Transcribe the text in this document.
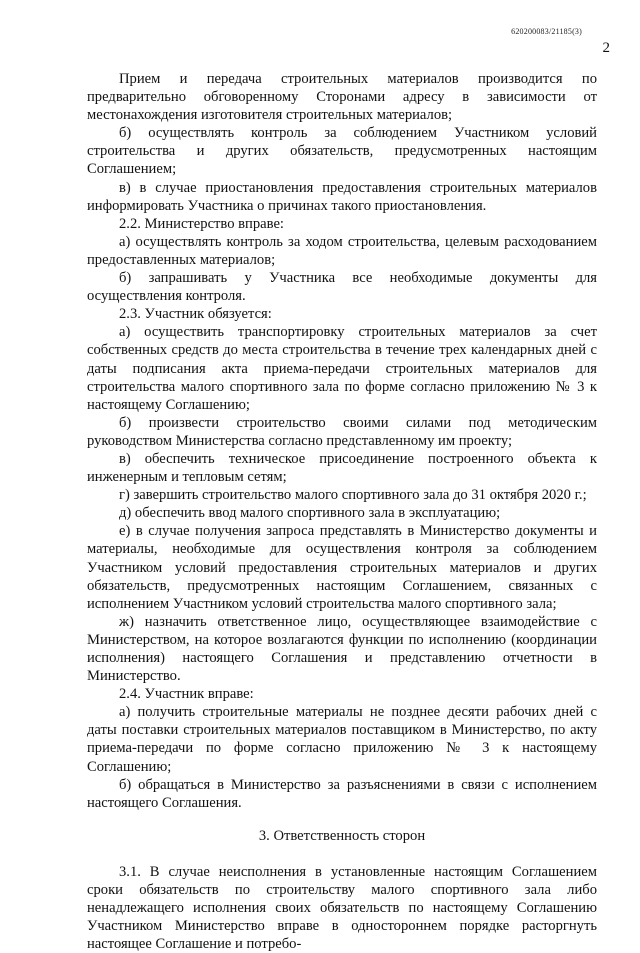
620200083/21185(3)
2

Прием и передача строительных материалов производится по предварительно обговоренному Сторонами адресу в зависимости от местонахождения изготовителя строительных материалов;

б) осуществлять контроль за соблюдением Участником условий строительства и других обязательств, предусмотренных настоящим Соглашением;

в) в случае приостановления предоставления строительных материалов информировать Участника о причинах такого приостановления.

2.2. Министерство вправе:

а) осуществлять контроль за ходом строительства, целевым расходованием предоставленных материалов;

б) запрашивать у Участника все необходимые документы для осуществления контроля.

2.3. Участник обязуется:

а) осуществить транспортировку строительных материалов за счет собственных средств до места строительства в течение трех календарных дней с даты подписания акта приема-передачи строительных материалов для строительства малого спортивного зала по форме согласно приложению № 3 к настоящему Соглашению;

б) произвести строительство своими силами под методическим руководством Министерства согласно представленному им проекту;

в) обеспечить техническое присоединение построенного объекта к инженерным и тепловым сетям;

г) завершить строительство малого спортивного зала до 31 октября 2020 г.;

д) обеспечить ввод малого спортивного зала в эксплуатацию;

е) в случае получения запроса представлять в Министерство документы и материалы, необходимые для осуществления контроля за соблюдением Участником условий предоставления строительных материалов и других обязательств, предусмотренных настоящим Соглашением, связанных с исполнением Участником условий строительства малого спортивного зала;

ж) назначить ответственное лицо, осуществляющее взаимодействие с Министерством, на которое возлагаются функции по исполнению (координации исполнения) настоящего Соглашения и представлению отчетности в Министерство.

2.4. Участник вправе:

а) получить строительные материалы не позднее десяти рабочих дней с даты поставки строительных материалов поставщиком в Министерство, по акту приема-передачи по форме согласно приложению № 3 к настоящему Соглашению;

б) обращаться в Министерство за разъяснениями в связи с исполнением настоящего Соглашения.

3. Ответственность сторон

3.1. В случае неисполнения в установленные настоящим Соглашением сроки обязательств по строительству малого спортивного зала либо ненадлежащего исполнения своих обязательств по настоящему Соглашению Участником Министерство вправе в одностороннем порядке расторгнуть настоящее Соглашение и потребо-
